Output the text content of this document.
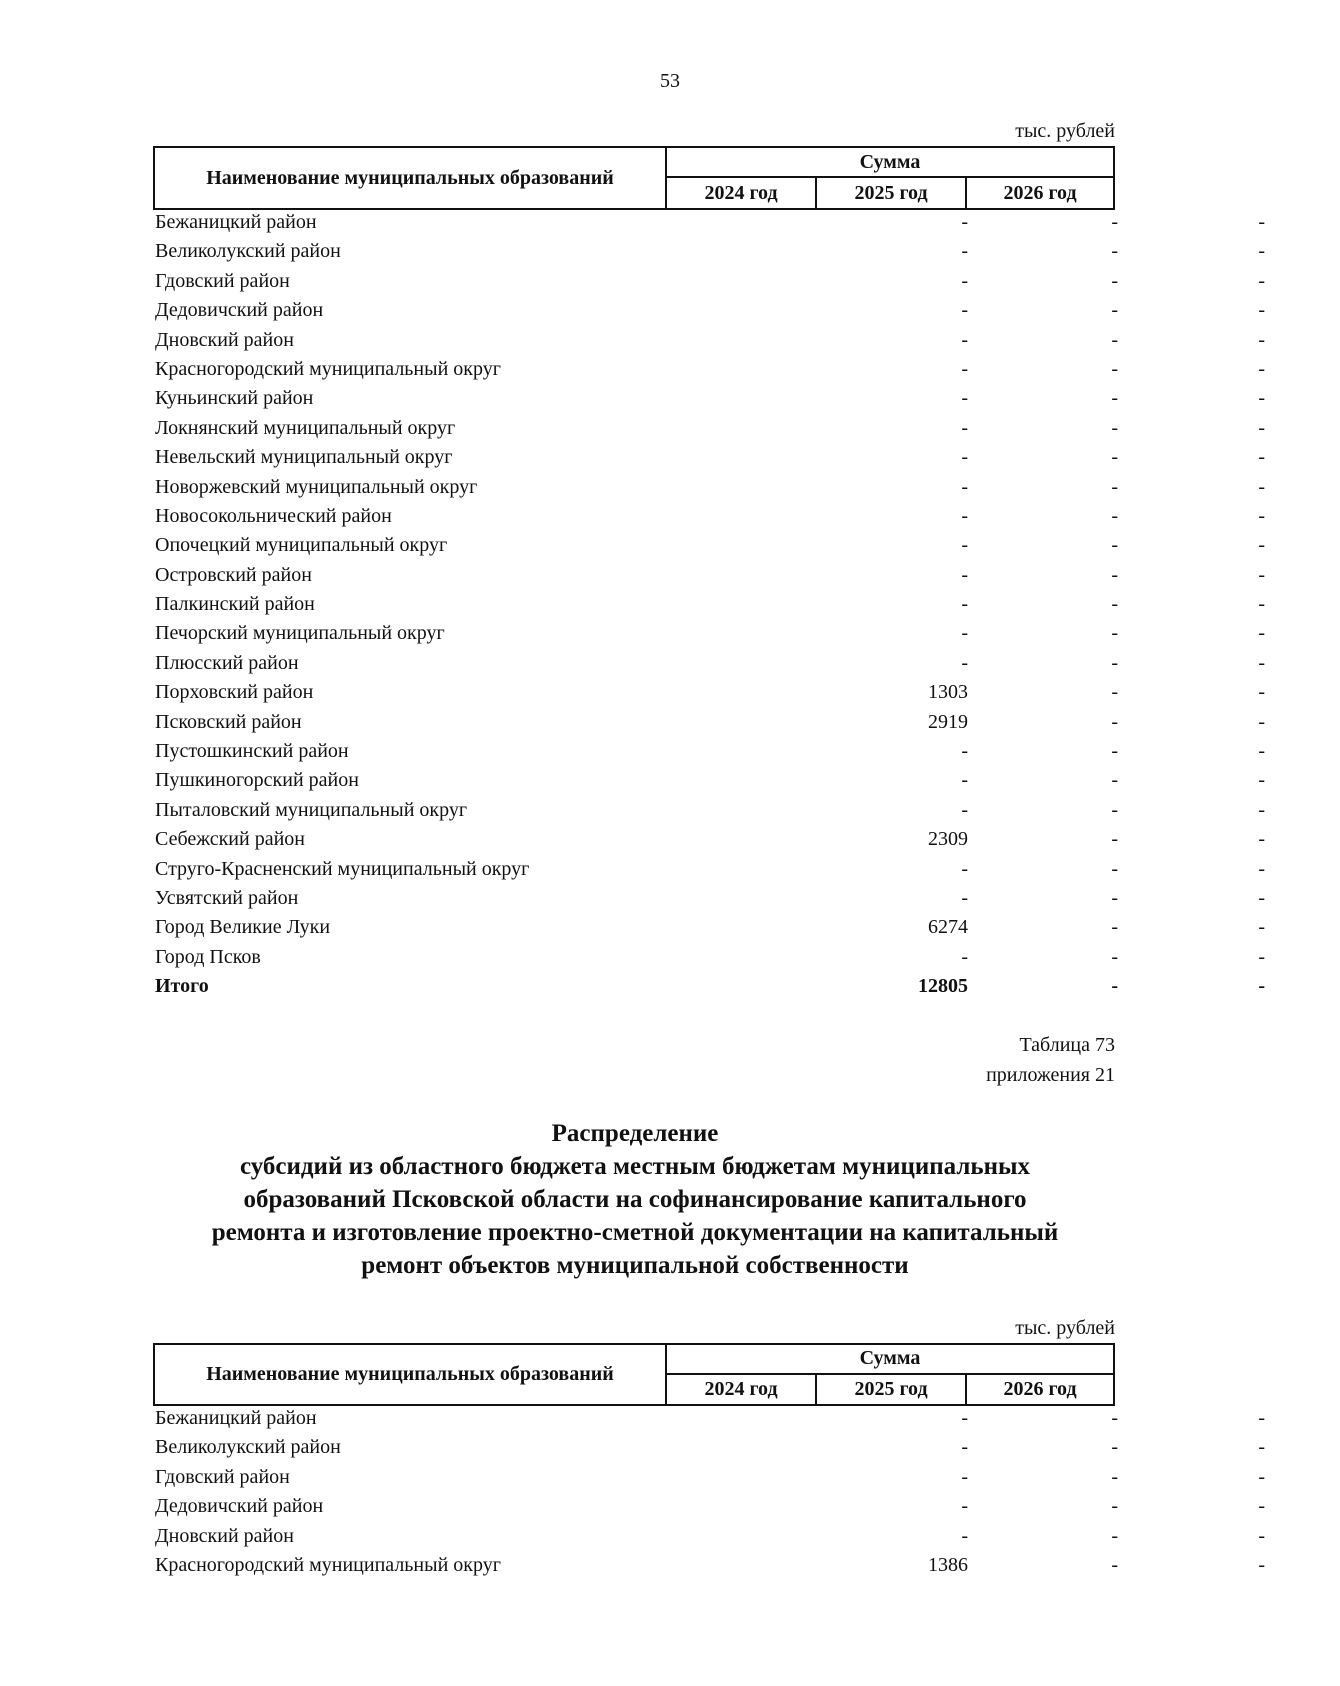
53
тыс. рублей
Наименование муниципальных образований
Сумма
2024 год	2025 год	2026 год
Бежаницкий район	-	-	-
Великолукский район	-	-	-
Гдовский район	-	-	-
Дедовичский район	-	-	-
Дновский район	-	-	-
Красногородский муниципальный округ	-	-	-
Куньинский район	-	-	-
Локнянский муниципальный округ	-	-	-
Невельский муниципальный округ	-	-	-
Новоржевский муниципальный округ	-	-	-
Новосокольнический район	-	-	-
Опочецкий муниципальный округ	-	-	-
Островский район	-	-	-
Палкинский район	-	-	-
Печорский муниципальный округ	-	-	-
Плюсский район	-	-	-
Порховский район	1303	-	-
Псковский район	2919	-	-
Пустошкинский район	-	-	-
Пушкиногорский район	-	-	-
Пыталовский муниципальный округ	-	-	-
Себежский район	2309	-	-
Струго-Красненский муниципальный округ	-	-	-
Усвятский район	-	-	-
Город Великие Луки	6274	-	-
Город Псков	-	-	-
Итого	12805	-	-
Таблица 73
приложения 21
Распределение
субсидий из областного бюджета местным бюджетам муниципальных
образований Псковской области на софинансирование капитального
ремонта и изготовление проектно-сметной документации на капитальный
ремонт объектов муниципальной собственности
тыс. рублей
Наименование муниципальных образований
Сумма
2024 год	2025 год	2026 год
Бежаницкий район	-	-	-
Великолукский район	-	-	-
Гдовский район	-	-	-
Дедовичский район	-	-	-
Дновский район	-	-	-
Красногородский муниципальный округ	1386	-	-
